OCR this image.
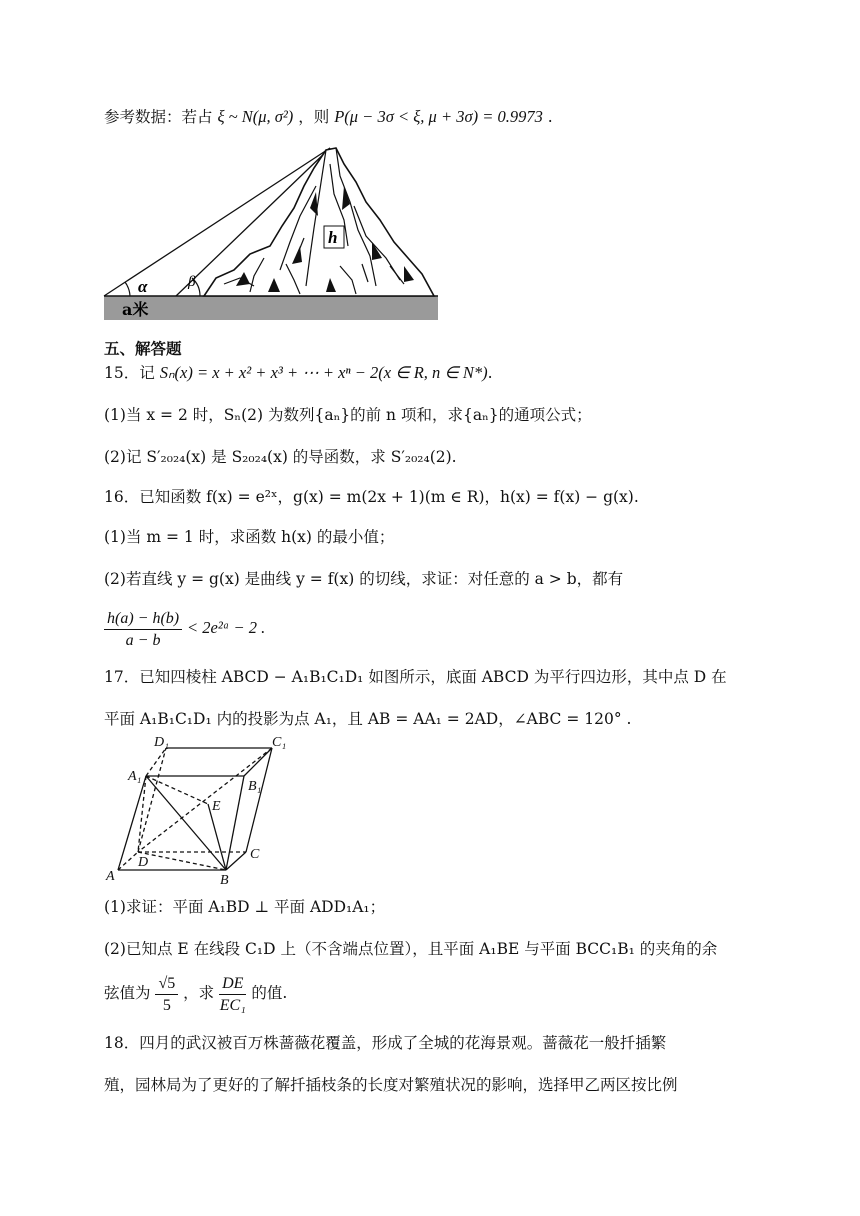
参考数据：若占 ξ ~ N(μ, σ²) ，则 P(μ − 3σ < ξ, μ + 3σ) = 0.9973 .
h
α	β
a米
五、解答题
15．记 Sₙ(x) = x + x² + x³ + ⋯ + xⁿ − 2(x ∈ R, n ∈ N*).
(1)当 x = 2 时，Sₙ(2) 为数列{aₙ}的前 n 项和，求{aₙ}的通项公式；
(2)记 S′₂₀₂₄(x) 是 S₂₀₂₄(x) 的导函数，求 S′₂₀₂₄(2).
16．已知函数 f(x) = e²ˣ，g(x) = m(2x + 1)(m ∈ R)，h(x) = f(x) − g(x).
(1)当 m = 1 时，求函数 h(x) 的最小值；
(2)若直线 y = g(x) 是曲线 y = f(x) 的切线，求证：对任意的 a > b，都有
$\frac{h(a) - h(b)}{a - b}$ < 2e²ᵃ − 2 .
17．已知四棱柱 ABCD − A₁B₁C₁D₁ 如图所示，底面 ABCD 为平行四边形，其中点 D 在
平面 A₁B₁C₁D₁ 内的投影为点 A₁，且 AB = AA₁ = 2AD，∠ABC = 120° .
D₁	C₁
A₁
B₁
E
D
C
A	B
(1)求证：平面 A₁BD ⊥ 平面 ADD₁A₁；
(2)已知点 E 在线段 C₁D 上（不含端点位置），且平面 A₁BE 与平面 BCC₁B₁ 的夹角的余
弦值为 $\frac{√5}{5}$ ，求 $\frac{DE}{\text{EC₁}}$ 的值.
18．四月的武汉被百万株蔷薇花覆盖，形成了全城的花海景观。蔷薇花一般扦插繁
殖，园林局为了更好的了解扦插枝条的长度对繁殖状况的影响，选择甲乙两区按比例
